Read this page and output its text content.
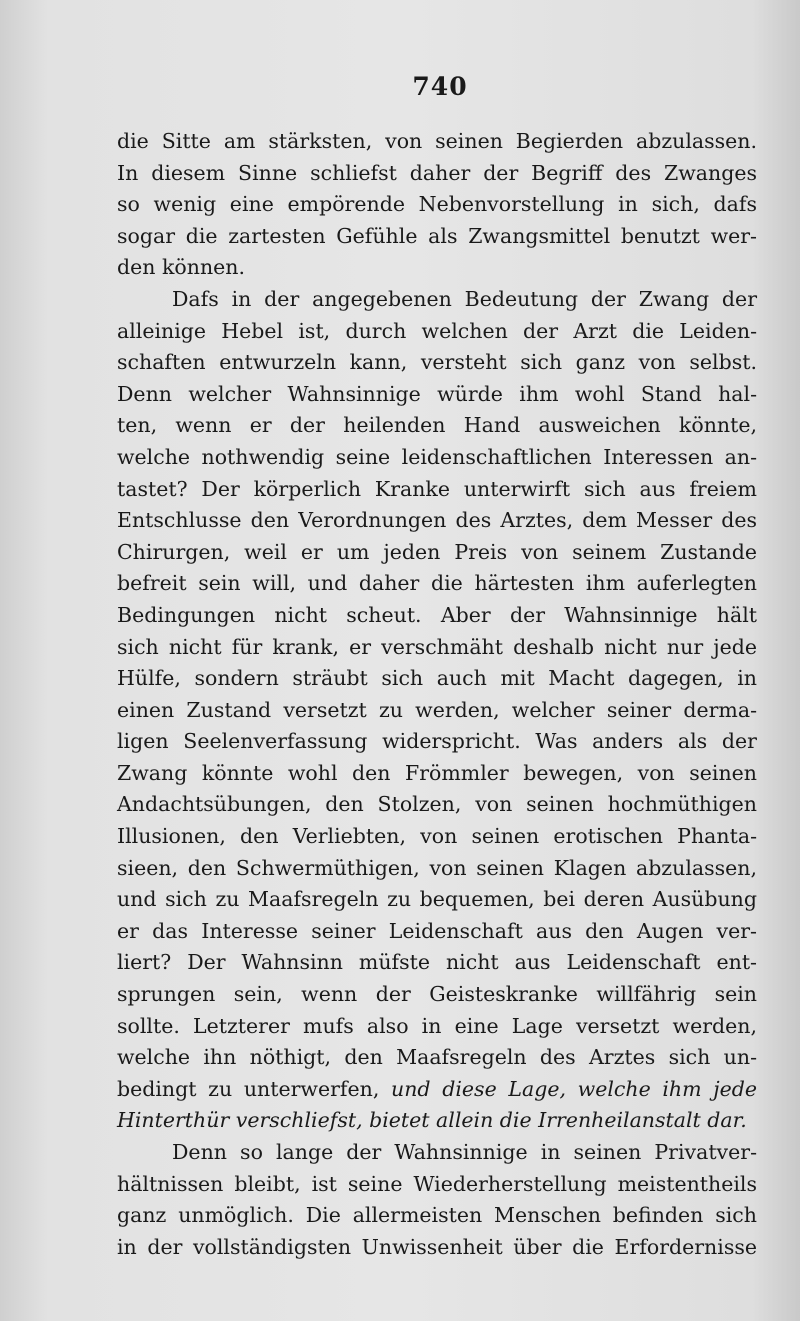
740
die Sitte am stärksten, von seinen Begierden abzulassen.
In diesem Sinne schliefst daher der Begriff des Zwanges
so wenig eine empörende Nebenvorstellung in sich, dafs
sogar die zartesten Gefühle als Zwangsmittel benutzt wer-
den können.
Dafs in der angegebenen Bedeutung der Zwang der
alleinige Hebel ist, durch welchen der Arzt die Leiden-
schaften entwurzeln kann, versteht sich ganz von selbst.
Denn welcher Wahnsinnige würde ihm wohl Stand hal-
ten, wenn er der heilenden Hand ausweichen könnte,
welche nothwendig seine leidenschaftlichen Interessen an-
tastet? Der körperlich Kranke unterwirft sich aus freiem
Entschlusse den Verordnungen des Arztes, dem Messer des
Chirurgen, weil er um jeden Preis von seinem Zustande
befreit sein will, und daher die härtesten ihm auferlegten
Bedingungen nicht scheut. Aber der Wahnsinnige hält
sich nicht für krank, er verschmäht deshalb nicht nur jede
Hülfe, sondern sträubt sich auch mit Macht dagegen, in
einen Zustand versetzt zu werden, welcher seiner derma-
ligen Seelenverfassung widerspricht. Was anders als der
Zwang könnte wohl den Frömmler bewegen, von seinen
Andachtsübungen, den Stolzen, von seinen hochmüthigen
Illusionen, den Verliebten, von seinen erotischen Phanta-
sieen, den Schwermüthigen, von seinen Klagen abzulassen,
und sich zu Maafsregeln zu bequemen, bei deren Ausübung
er das Interesse seiner Leidenschaft aus den Augen ver-
liert? Der Wahnsinn müfste nicht aus Leidenschaft ent-
sprungen sein, wenn der Geisteskranke willfährig sein
sollte. Letzterer mufs also in eine Lage versetzt werden,
welche ihn nöthigt, den Maafsregeln des Arztes sich un-
bedingt zu unterwerfen, und diese Lage, welche ihm jede
Hinterthür verschliefst, bietet allein die Irrenheilanstalt dar.
Denn so lange der Wahnsinnige in seinen Privatver-
hältnissen bleibt, ist seine Wiederherstellung meistentheils
ganz unmöglich. Die allermeisten Menschen befinden sich
in der vollständigsten Unwissenheit über die Erfordernisse
